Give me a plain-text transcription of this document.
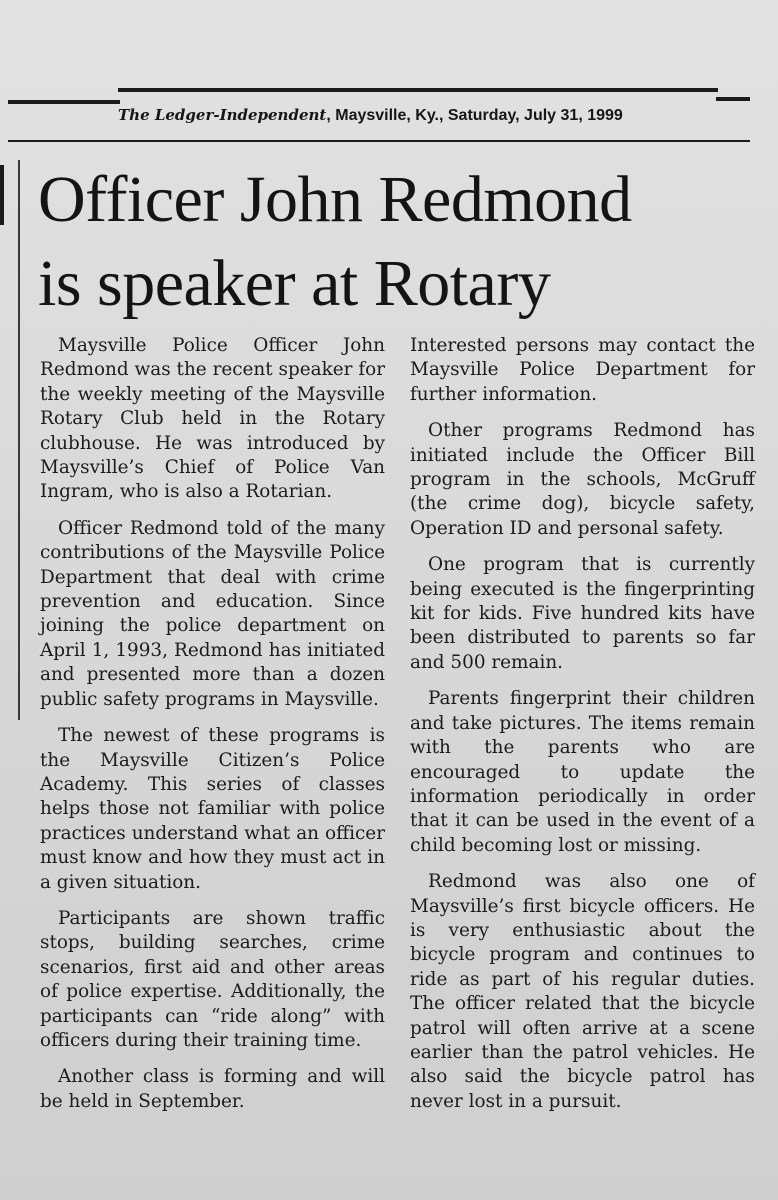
The Ledger-Independent, Maysville, Ky., Saturday, July 31, 1999
Officer John Redmond
is speaker at Rotary

Maysville Police Officer John Redmond was the recent speaker for the weekly meeting of the Maysville Rotary Club held in the Rotary clubhouse. He was introduced by Maysville’s Chief of Police Van Ingram, who is also a Rotarian.

Officer Redmond told of the many contributions of the Maysville Police Department that deal with crime prevention and education. Since joining the police department on April 1, 1993, Redmond has initiated and presented more than a dozen public safety programs in Maysville.

The newest of these programs is the Maysville Citizen’s Police Academy. This series of classes helps those not familiar with police practices understand what an officer must know and how they must act in a given situation.

Participants are shown traffic stops, building searches, crime scenarios, first aid and other areas of police expertise. Additionally, the participants can “ride along” with officers during their training time.

Another class is forming and will be held in September.

Interested persons may contact the Maysville Police Department for further information.

Other programs Redmond has initiated include the Officer Bill program in the schools, McGruff (the crime dog), bicycle safety, Operation ID and personal safety.

One program that is currently being executed is the fingerprinting kit for kids. Five hundred kits have been distributed to parents so far and 500 remain.

Parents fingerprint their children and take pictures. The items remain with the parents who are encouraged to update the information periodically in order that it can be used in the event of a child becoming lost or missing.

Redmond was also one of Maysville’s first bicycle officers. He is very enthusiastic about the bicycle program and continues to ride as part of his regular duties. The officer related that the bicycle patrol will often arrive at a scene earlier than the patrol vehicles. He also said the bicycle patrol has never lost in a pursuit.
